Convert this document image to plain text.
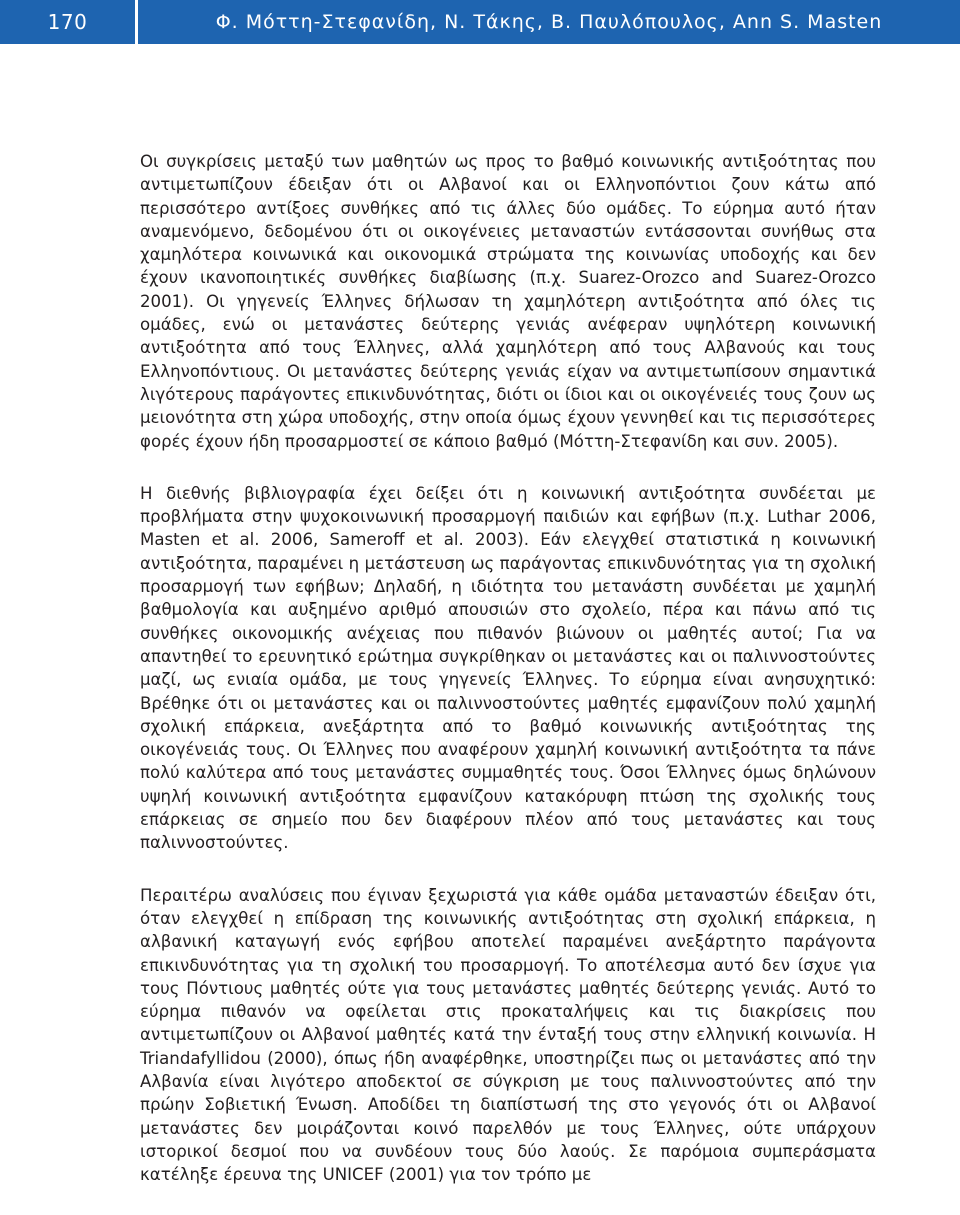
170	Φ. Μόττη-Στεφανίδη, Ν. Τάκης, Β. Παυλόπουλος, Ann S. Masten

Οι συγκρίσεις μεταξύ των μαθητών ως προς το βαθμό κοινωνικής αντιξοότητας που αντιμετωπίζουν έδειξαν ότι οι Αλβανοί και οι Ελληνοπόντιοι ζουν κάτω από περισσότερο αντίξοες συνθήκες από τις άλλες δύο ομάδες. Το εύρημα αυτό ήταν αναμενόμενο, δεδομένου ότι οι οικογένειες μεταναστών εντάσσονται συνήθως στα χαμηλότερα κοινωνικά και οικονομικά στρώματα της κοινωνίας υποδοχής και δεν έχουν ικανοποιητικές συνθήκες διαβίωσης (π.χ. Suarez-Orozco and Suarez-Orozco 2001). Οι γηγενείς Έλληνες δήλωσαν τη χαμηλότερη αντιξοότητα από όλες τις ομάδες, ενώ οι μετανάστες δεύτερης γενιάς ανέφεραν υψηλότερη κοινωνική αντιξοότητα από τους Έλληνες, αλλά χαμηλότερη από τους Αλβανούς και τους Ελληνοπόντιους. Οι μετανάστες δεύτερης γενιάς είχαν να αντιμετωπίσουν σημαντικά λιγότερους παράγοντες επικινδυνότητας, διότι οι ίδιοι και οι οικογένειές τους ζουν ως μειονότητα στη χώρα υποδοχής, στην οποία όμως έχουν γεννηθεί και τις περισσότερες φορές έχουν ήδη προσαρμοστεί σε κάποιο βαθμό (Μόττη-Στεφανίδη και συν. 2005).

Η διεθνής βιβλιογραφία έχει δείξει ότι η κοινωνική αντιξοότητα συνδέεται με προβλήματα στην ψυχοκοινωνική προσαρμογή παιδιών και εφήβων (π.χ. Luthar 2006, Masten et al. 2006, Sameroff et al. 2003). Εάν ελεγχθεί στατιστικά η κοινωνική αντιξοότητα, παραμένει η μετάστευση ως παράγοντας επικινδυνότητας για τη σχολική προσαρμογή των εφήβων; Δηλαδή, η ιδιότητα του μετανάστη συνδέεται με χαμηλή βαθμολογία και αυξημένο αριθμό απουσιών στο σχολείο, πέρα και πάνω από τις συνθήκες οικονομικής ανέχειας που πιθανόν βιώνουν οι μαθητές αυτοί; Για να απαντηθεί το ερευνητικό ερώτημα συγκρίθηκαν οι μετανάστες και οι παλιννοστούντες μαζί, ως ενιαία ομάδα, με τους γηγενείς Έλληνες. Το εύρημα είναι ανησυχητικό: Βρέθηκε ότι οι μετανάστες και οι παλιννοστούντες μαθητές εμφανίζουν πολύ χαμηλή σχολική επάρκεια, ανεξάρτητα από το βαθμό κοινωνικής αντιξοότητας της οικογένειάς τους. Οι Έλληνες που αναφέρουν χαμηλή κοινωνική αντιξοότητα τα πάνε πολύ καλύτερα από τους μετανάστες συμμαθητές τους. Όσοι Έλληνες όμως δηλώνουν υψηλή κοινωνική αντιξοότητα εμφανίζουν κατακόρυφη πτώση της σχολικής τους επάρκειας σε σημείο που δεν διαφέρουν πλέον από τους μετανάστες και τους παλιννοστούντες.

Περαιτέρω αναλύσεις που έγιναν ξεχωριστά για κάθε ομάδα μεταναστών έδειξαν ότι, όταν ελεγχθεί η επίδραση της κοινωνικής αντιξοότητας στη σχολική επάρκεια, η αλβανική καταγωγή ενός εφήβου αποτελεί παραμένει ανεξάρτητο παράγοντα επικινδυνότητας για τη σχολική του προσαρμογή. Το αποτέλεσμα αυτό δεν ίσχυε για τους Πόντιους μαθητές ούτε για τους μετανάστες μαθητές δεύτερης γενιάς. Αυτό το εύρημα πιθανόν να οφείλεται στις προκαταλήψεις και τις διακρίσεις που αντιμετωπίζουν οι Αλβανοί μαθητές κατά την ένταξή τους στην ελληνική κοινωνία. Η Triandafyllidou (2000), όπως ήδη αναφέρθηκε, υποστηρίζει πως οι μετανάστες από την Αλβανία είναι λιγότερο αποδεκτοί σε σύγκριση με τους παλιννοστούντες από την πρώην Σοβιετική Ένωση. Αποδίδει τη διαπίστωσή της στο γεγονός ότι οι Αλβανοί μετανάστες δεν μοιράζονται κοινό παρελθόν με τους Έλληνες, ούτε υπάρχουν ιστορικοί δεσμοί που να συνδέουν τους δύο λαούς. Σε παρόμοια συμπεράσματα κατέληξε έρευνα της UNICEF (2001) για τον τρόπο με
